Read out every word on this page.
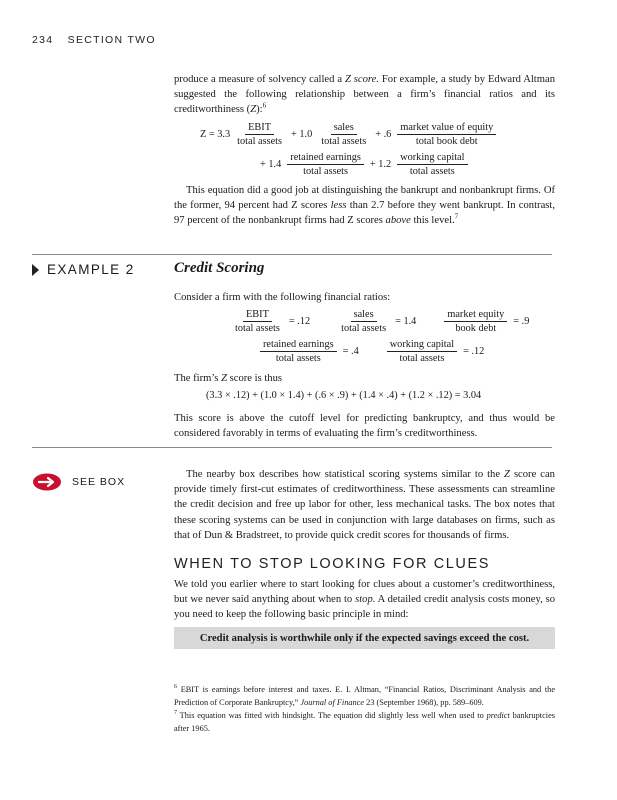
234 SECTION TWO
produce a measure of solvency called a Z score. For example, a study by Edward Altman suggested the following relationship between a firm’s financial ratios and its creditworthiness (Z):$^6$
$Z = 3.3 \frac{\text{EBIT}}{\text{total assets}} + 1.0 \frac{\text{sales}}{\text{total assets}} + .6 \frac{\text{market value of equity}}{\text{total book debt}}$
+ $1.4 \frac{\text{retained earnings}}{\text{total assets}} + 1.2 \frac{\text{working capital}}{\text{total assets}}$
This equation did a good job at distinguishing the bankrupt and nonbankrupt firms. Of the former, 94 percent had Z scores less than 2.7 before they went bankrupt. In contrast, 97 percent of the nonbankrupt firms had Z scores above this level.$^7$
EXAMPLE 2	Credit Scoring
Consider a firm with the following financial ratios:
$\frac{\text{EBIT}}{\text{total assets}} = .12$	$\frac{\text{sales}}{\text{total assets}} = 1.4$	$\frac{\text{market equity}}{\text{book debt}} = .9$
$\frac{\text{retained earnings}}{\text{total assets}} = .4$	$\frac{\text{working capital}}{\text{total assets}} = .12$
The firm’s Z score is thus
(3.3 × .12) + (1.0 × 1.4) + (.6 × .9) + (1.4 × .4) + (1.2 × .12) = 3.04
This score is above the cutoff level for predicting bankruptcy, and thus would be considered favorably in terms of evaluating the firm’s creditworthiness.
SEE BOX
The nearby box describes how statistical scoring systems similar to the Z score can provide timely first-cut estimates of creditworthiness. These assessments can streamline the credit decision and free up labor for other, less mechanical tasks. The box notes that these scoring systems can be used in conjunction with large databases on firms, such as that of Dun & Bradstreet, to provide quick credit scores for thousands of firms.
WHEN TO STOP LOOKING FOR CLUES
We told you earlier where to start looking for clues about a customer’s creditworthiness, but we never said anything about when to stop. A detailed credit analysis costs money, so you need to keep the following basic principle in mind:
Credit analysis is worthwhile only if the expected savings exceed the cost.
$^6$ EBIT is earnings before interest and taxes. E. I. Altman, “Financial Ratios, Discriminant Analysis and the Prediction of Corporate Bankruptcy,” Journal of Finance 23 (September 1968), pp. 589–609.
$^7$ This equation was fitted with hindsight. The equation did slightly less well when used to predict bankruptcies after 1965.
